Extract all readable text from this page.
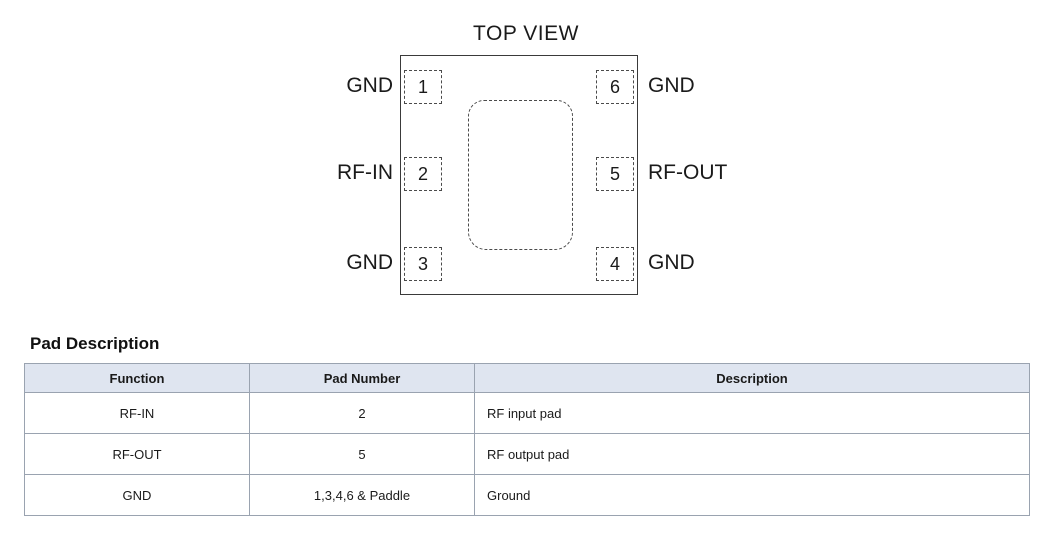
TOP VIEW
1
2
3
6
5
4
GND
RF-IN
GND
GND
RF-OUT
GND
Pad Description
Function	Pad Number	Description
RF-IN	2	RF input pad
RF-OUT	5	RF output pad
GND	1,3,4,6 & Paddle	Ground
